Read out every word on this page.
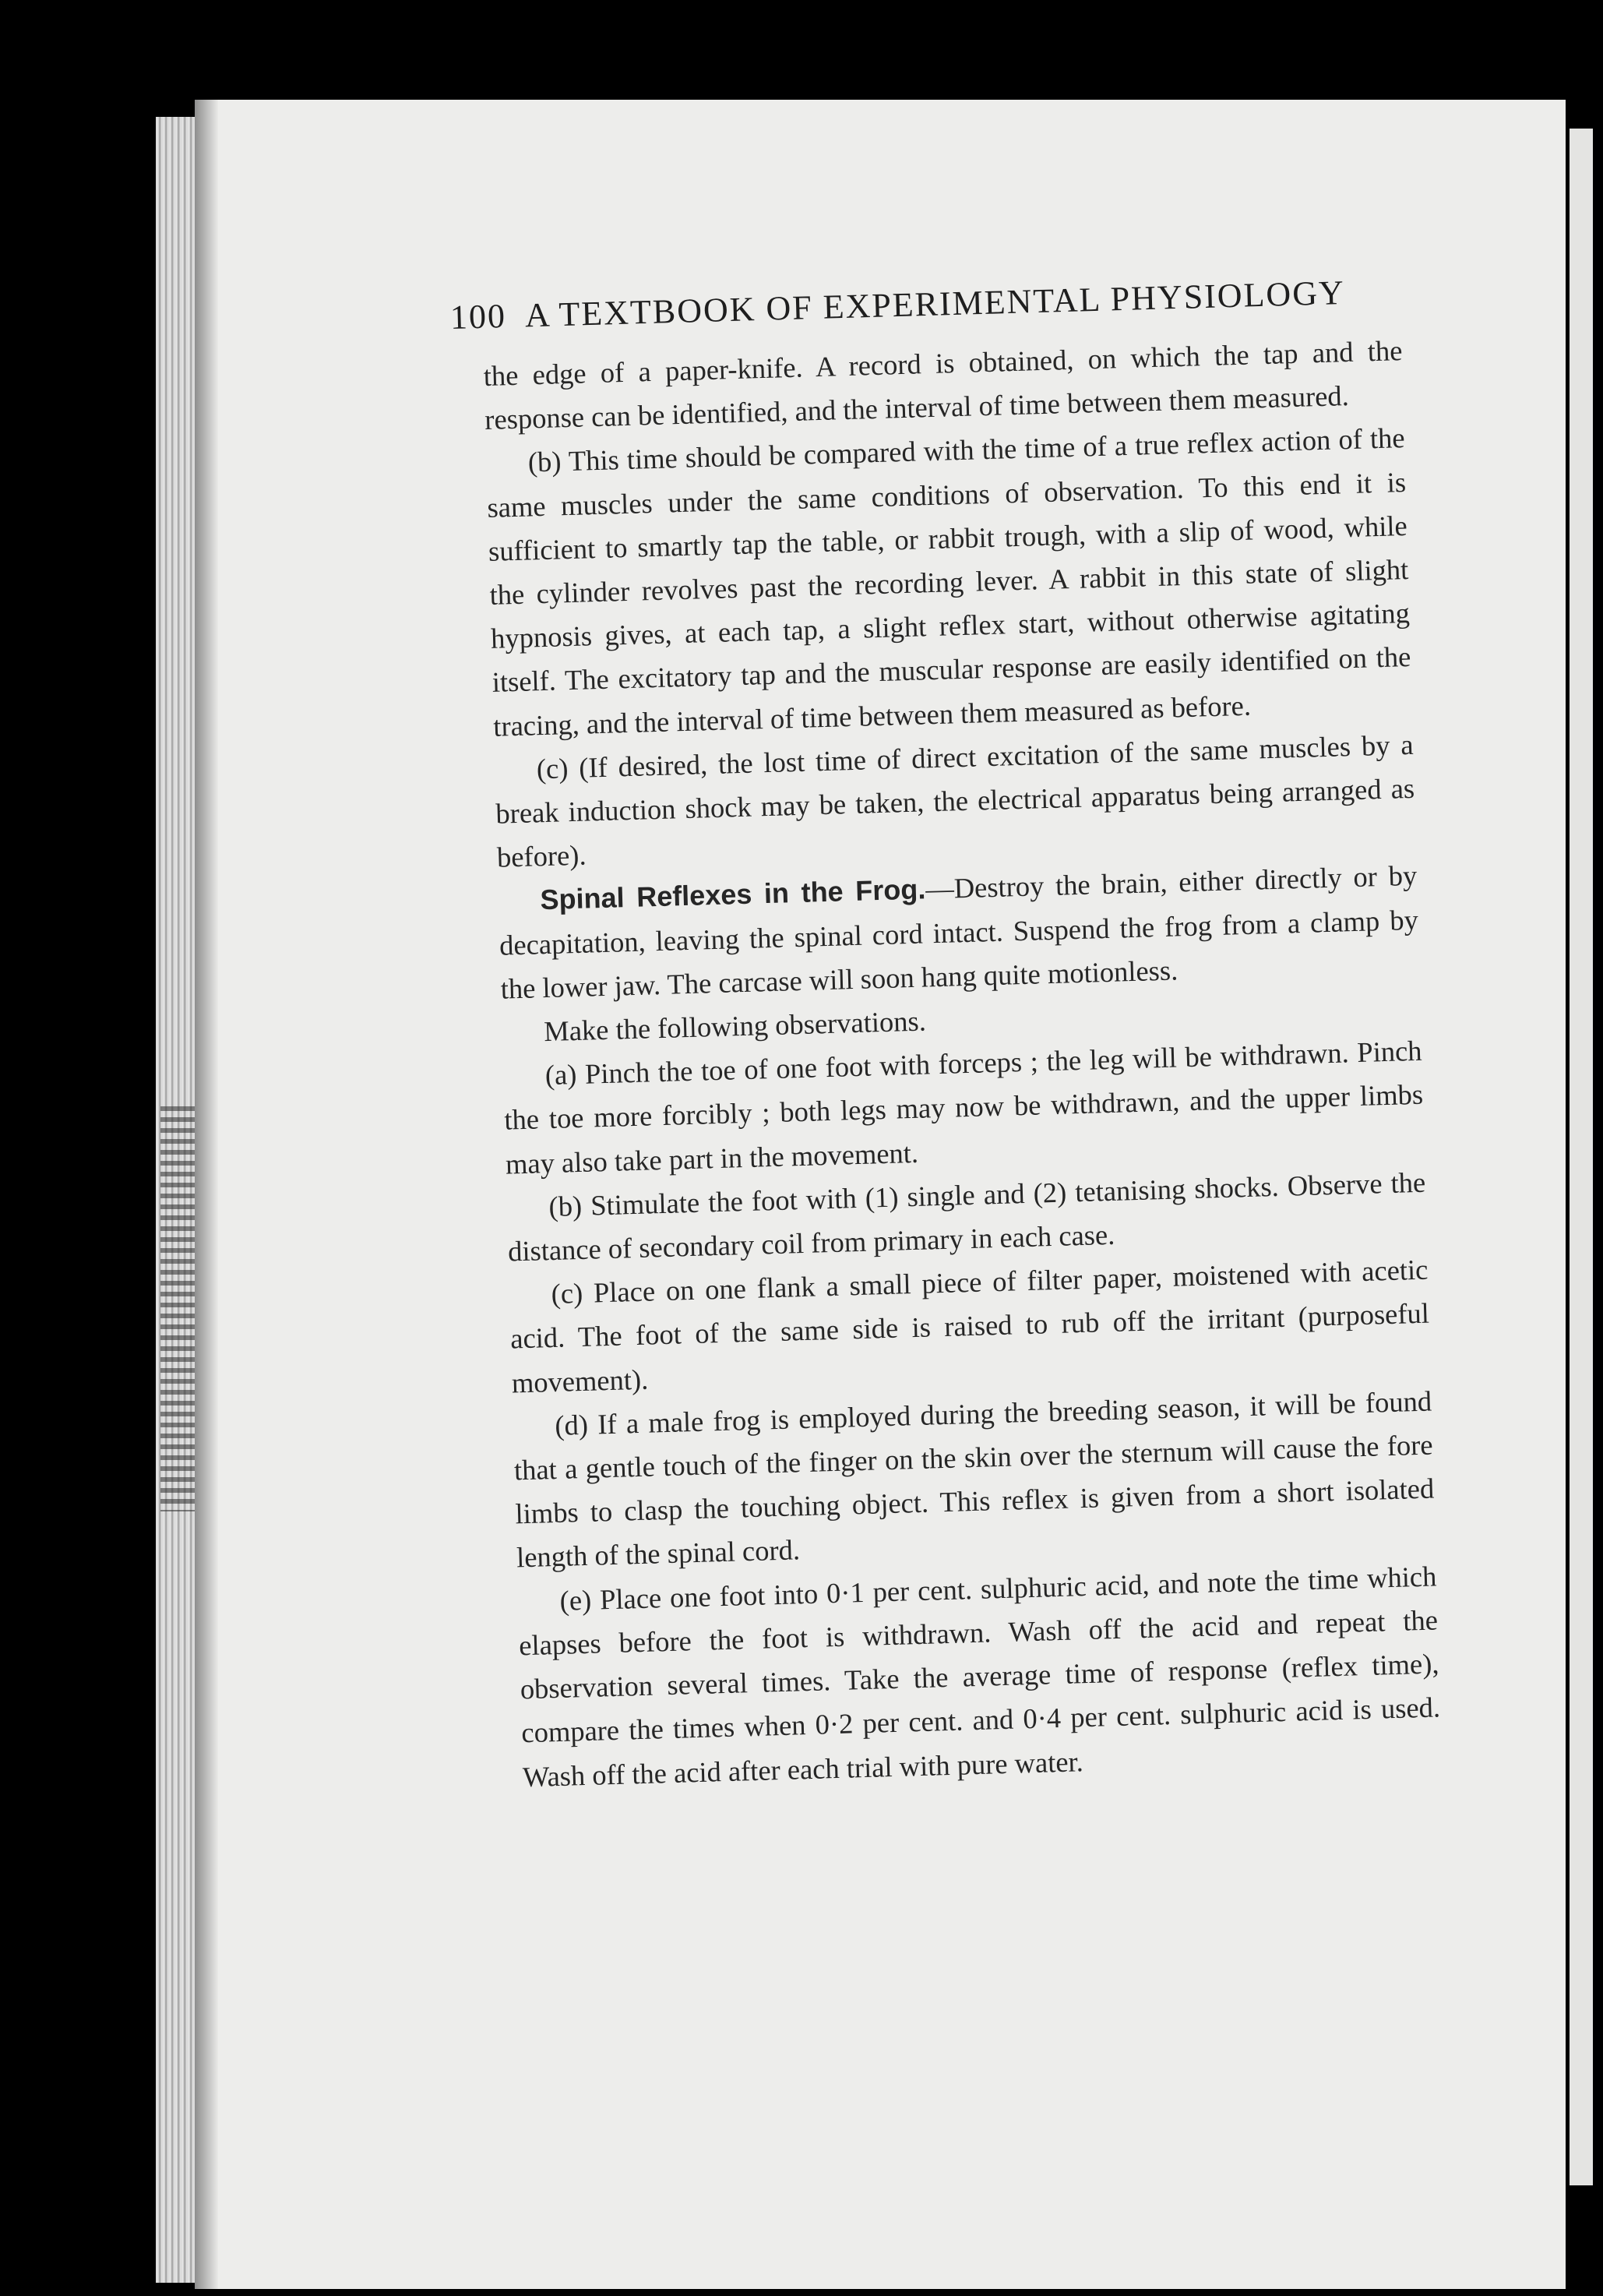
100 A TEXTBOOK OF EXPERIMENTAL PHYSIOLOGY

the edge of a paper-knife. A record is obtained, on which the tap and the response can be identified, and the interval of time between them measured.

(b) This time should be compared with the time of a true reflex action of the same muscles under the same conditions of observation. To this end it is sufficient to smartly tap the table, or rabbit trough, with a slip of wood, while the cylinder revolves past the recording lever. A rabbit in this state of slight hypnosis gives, at each tap, a slight reflex start, without otherwise agitating itself. The excitatory tap and the muscular response are easily identified on the tracing, and the interval of time between them measured as before.

(c) (If desired, the lost time of direct excitation of the same muscles by a break induction shock may be taken, the electrical apparatus being arranged as before).

Spinal Reflexes in the Frog.—Destroy the brain, either directly or by decapitation, leaving the spinal cord intact. Suspend the frog from a clamp by the lower jaw. The carcase will soon hang quite motionless.

Make the following observations.

(a) Pinch the toe of one foot with forceps ; the leg will be withdrawn. Pinch the toe more forcibly ; both legs may now be withdrawn, and the upper limbs may also take part in the movement.

(b) Stimulate the foot with (1) single and (2) tetanising shocks. Observe the distance of secondary coil from primary in each case.

(c) Place on one flank a small piece of filter paper, moistened with acetic acid. The foot of the same side is raised to rub off the irritant (purposeful movement).

(d) If a male frog is employed during the breeding season, it will be found that a gentle touch of the finger on the skin over the sternum will cause the fore limbs to clasp the touching object. This reflex is given from a short isolated length of the spinal cord.

(e) Place one foot into 0·1 per cent. sulphuric acid, and note the time which elapses before the foot is withdrawn. Wash off the acid and repeat the observation several times. Take the average time of response (reflex time), compare the times when 0·2 per cent. and 0·4 per cent. sulphuric acid is used. Wash off the acid after each trial with pure water.
